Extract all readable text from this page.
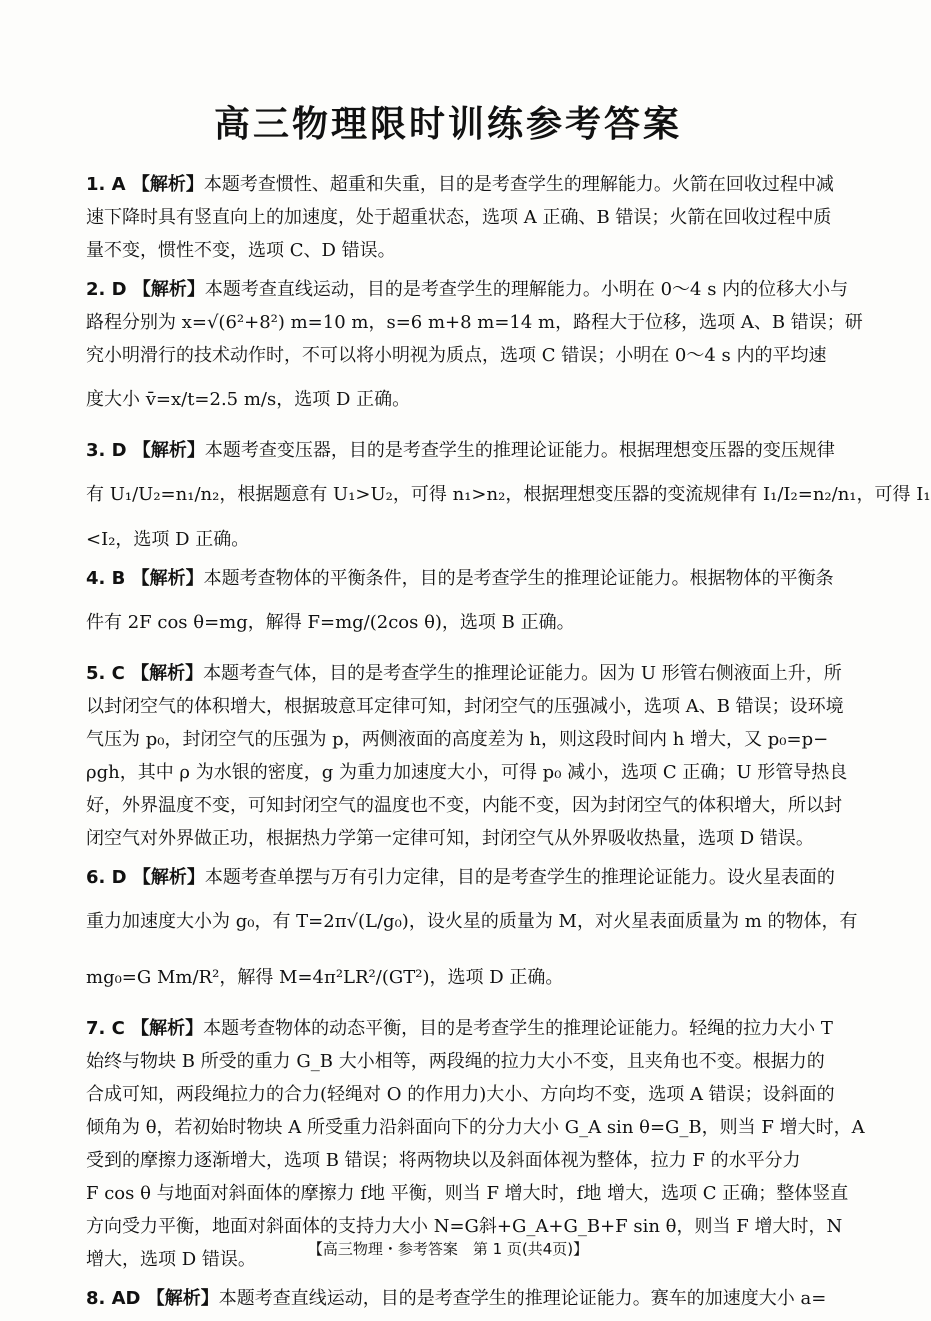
高三物理限时训练参考答案
1. A 【解析】本题考查惯性、超重和失重，目的是考查学生的理解能力。火箭在回收过程中减
速下降时具有竖直向上的加速度，处于超重状态，选项 A 正确、B 错误；火箭在回收过程中质
量不变，惯性不变，选项 C、D 错误。
2. D 【解析】本题考查直线运动，目的是考查学生的理解能力。小明在 0～4 s 内的位移大小与
路程分别为 x=√(6²+8²) m=10 m，s=6 m+8 m=14 m，路程大于位移，选项 A、B 错误；研
究小明滑行的技术动作时，不可以将小明视为质点，选项 C 错误；小明在 0～4 s 内的平均速
度大小 v̄=x/t=2.5 m/s，选项 D 正确。
3. D 【解析】本题考查变压器，目的是考查学生的推理论证能力。根据理想变压器的变压规律
有 U₁/U₂=n₁/n₂，根据题意有 U₁>U₂，可得 n₁>n₂，根据理想变压器的变流规律有 I₁/I₂=n₂/n₁，可得 I₁
<I₂，选项 D 正确。
4. B 【解析】本题考查物体的平衡条件，目的是考查学生的推理论证能力。根据物体的平衡条
件有 2F cos θ=mg，解得 F=mg/(2cos θ)，选项 B 正确。
5. C 【解析】本题考查气体，目的是考查学生的推理论证能力。因为 U 形管右侧液面上升，所
以封闭空气的体积增大，根据玻意耳定律可知，封闭空气的压强减小，选项 A、B 错误；设环境
气压为 p₀，封闭空气的压强为 p，两侧液面的高度差为 h，则这段时间内 h 增大，又 p₀=p−
ρgh，其中 ρ 为水银的密度，g 为重力加速度大小，可得 p₀ 减小，选项 C 正确；U 形管导热良
好，外界温度不变，可知封闭空气的温度也不变，内能不变，因为封闭空气的体积增大，所以封
闭空气对外界做正功，根据热力学第一定律可知，封闭空气从外界吸收热量，选项 D 错误。
6. D 【解析】本题考查单摆与万有引力定律，目的是考查学生的推理论证能力。设火星表面的
重力加速度大小为 g₀，有 T=2π√(L/g₀)，设火星的质量为 M，对火星表面质量为 m 的物体，有
mg₀=G Mm/R²，解得 M=4π²LR²/(GT²)，选项 D 正确。
7. C 【解析】本题考查物体的动态平衡，目的是考查学生的推理论证能力。轻绳的拉力大小 T
始终与物块 B 所受的重力 G_B 大小相等，两段绳的拉力大小不变，且夹角也不变。根据力的
合成可知，两段绳拉力的合力(轻绳对 O 的作用力)大小、方向均不变，选项 A 错误；设斜面的
倾角为 θ，若初始时物块 A 所受重力沿斜面向下的分力大小 G_A sin θ=G_B，则当 F 增大时，A
受到的摩擦力逐渐增大，选项 B 错误；将两物块以及斜面体视为整体，拉力 F 的水平分力
F cos θ 与地面对斜面体的摩擦力 f地 平衡，则当 F 增大时，f地 增大，选项 C 正确；整体竖直
方向受力平衡，地面对斜面体的支持力大小 N=G斜+G_A+G_B+F sin θ，则当 F 增大时，N
增大，选项 D 错误。
8. AD 【解析】本题考查直线运动，目的是考查学生的推理论证能力。赛车的加速度大小 a=
【高三物理・参考答案　第 1 页(共4页)】
